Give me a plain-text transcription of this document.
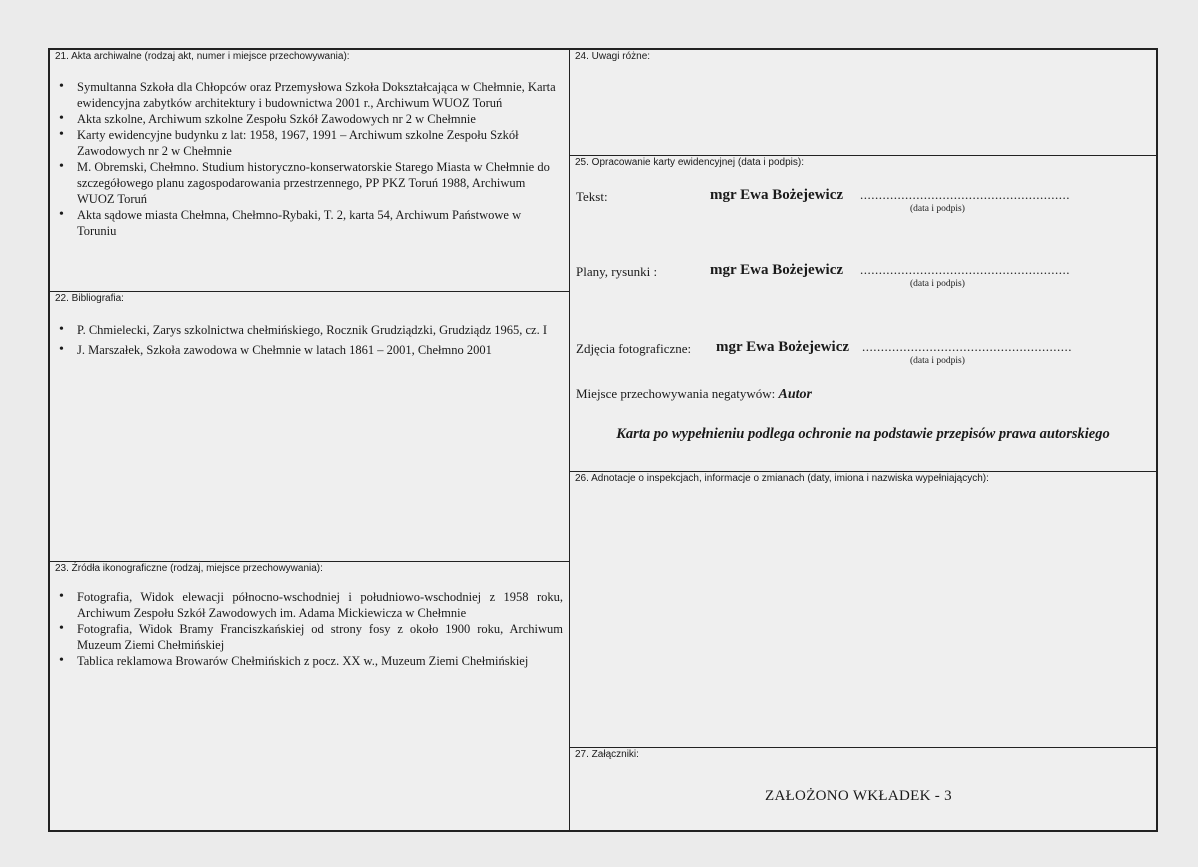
21. Akta archiwalne (rodzaj akt, numer i miejsce przechowywania):
• Symultanna Szkoła dla Chłopców oraz Przemysłowa Szkoła Dokształcająca w Chełmnie, Karta ewidencyjna zabytków architektury i budownictwa 2001 r., Archiwum WUOZ Toruń
• Akta szkolne, Archiwum szkolne Zespołu Szkół Zawodowych nr 2 w Chełmnie
• Karty ewidencyjne budynku z lat: 1958, 1967, 1991 – Archiwum szkolne Zespołu Szkół Zawodowych nr 2 w Chełmnie
• M. Obremski, Chełmno. Studium historyczno-konserwatorskie Starego Miasta w Chełmnie do szczegółowego planu zagospodarowania przestrzennego, PP PKZ Toruń 1988, Archiwum WUOZ Toruń
• Akta sądowe miasta Chełmna, Chełmno-Rybaki, T. 2, karta 54, Archiwum Państwowe w Toruniu
22. Bibliografia:
• P. Chmielecki, Zarys szkolnictwa chełmińskiego, Rocznik Grudziądzki, Grudziądz 1965, cz. I
• J. Marszałek, Szkoła zawodowa w Chełmnie w latach 1861 – 2001, Chełmno 2001
23. Źródła ikonograficzne (rodzaj, miejsce przechowywania):
• Fotografia, Widok elewacji północno-wschodniej i południowo-wschodniej z 1958 roku, Archiwum Zespołu Szkół Zawodowych im. Adama Mickiewicza w Chełmnie
• Fotografia, Widok Bramy Franciszkańskiej od strony fosy z około 1900 roku, Archiwum Muzeum Ziemi Chełmińskiej
• Tablica reklamowa Browarów Chełmińskich z pocz. XX w., Muzeum Ziemi Chełmińskiej
24. Uwagi różne:
25. Opracowanie karty ewidencyjnej (data i podpis):
Tekst:	mgr Ewa Bożejewicz ........................................................
(data i podpis)
Plany, rysunki :	mgr Ewa Bożejewicz ........................................................
(data i podpis)
Zdjęcia fotograficzne: mgr Ewa Bożejewicz ........................................................
(data i podpis)
Miejsce przechowywania negatywów: Autor
Karta po wypełnieniu podlega ochronie na podstawie przepisów prawa autorskiego
26. Adnotacje o inspekcjach, informacje o zmianach (daty, imiona i nazwiska wypełniających):
27. Załączniki:
ZAŁOŻONO WKŁADEK - 3
